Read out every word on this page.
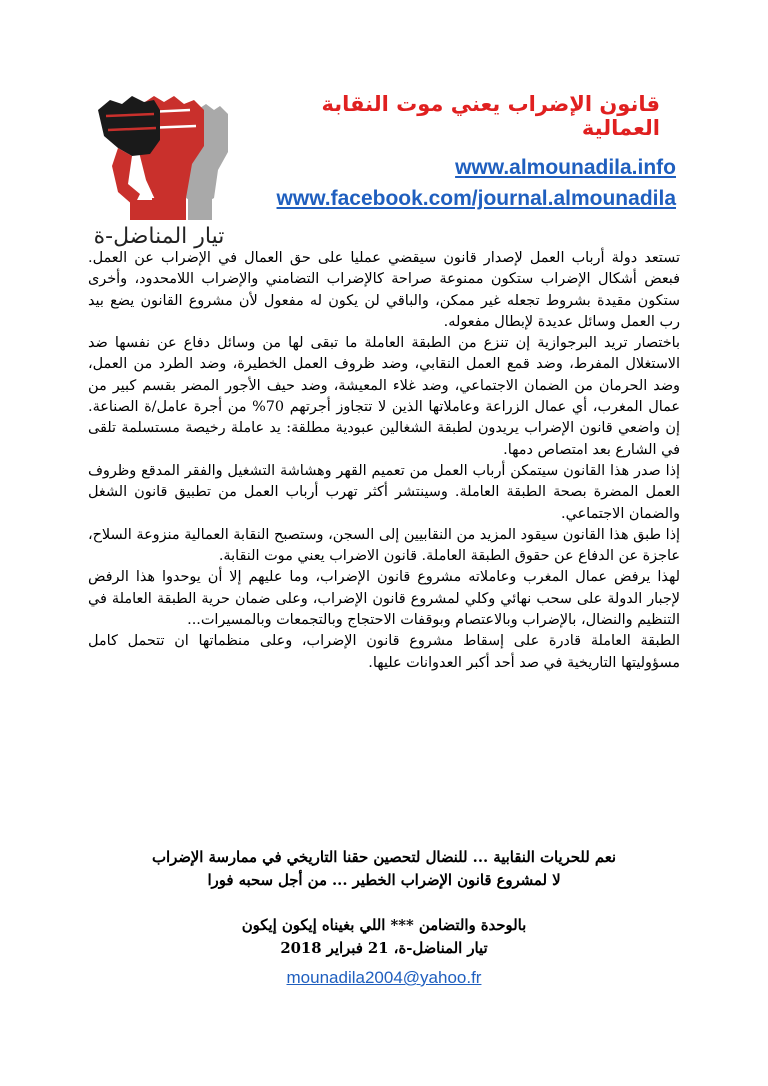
تيار المناضل-ة
قانون الإضراب يعني موت النقابة العمالية
www.almounadila.info
www.facebook.com/journal.almounadila

تستعد دولة أرباب العمل لإصدار قانون سيقضي عمليا على حق العمال في الإضراب عن العمل. فبعض أشكال الإضراب ستكون ممنوعة صراحة كالإضراب التضامني والإضراب اللامحدود، وأخرى ستكون مقيدة بشروط تجعله غير ممكن، والباقي لن يكون له مفعول لأن مشروع القانون يضع بيد رب العمل وسائل عديدة لإبطال مفعوله.

باختصار تريد البرجوازية إن تنزع من الطبقة العاملة ما تبقى لها من وسائل دفاع عن نفسها ضد الاستغلال المفرط، وضد قمع العمل النقابي، وضد ظروف العمل الخطيرة، وضد الطرد من العمل، وضد الحرمان من الضمان الاجتماعي، وضد غلاء المعيشة، وضد حيف الأجور المضر بقسم كبير من عمال المغرب، أي عمال الزراعة وعاملاتها الذين لا تتجاوز أجرتهم 70% من أجرة عامل/ة الصناعة. إن واضعي قانون الإضراب يريدون لطبقة الشغالين عبودية مطلقة: يد عاملة رخيصة مستسلمة تلقى في الشارع بعد امتصاص دمها.

إذا صدر هذا القانون سيتمكن أرباب العمل من تعميم القهر وهشاشة التشغيل والفقر المدقع وظروف العمل المضرة بصحة الطبقة العاملة. وسينتشر أكثر تهرب أرباب العمل من تطبيق قانون الشغل والضمان الاجتماعي.

إذا طبق هذا القانون سيقود المزيد من النقابيين إلى السجن، وستصبح النقابة العمالية منزوعة السلاح، عاجزة عن الدفاع عن حقوق الطبقة العاملة. قانون الاضراب يعني موت النقابة.

لهذا يرفض عمال المغرب وعاملاته مشروع قانون الإضراب، وما عليهم إلا أن يوحدوا هذا الرفض لإجبار الدولة على سحب نهائي وكلي لمشروع قانون الإضراب، وعلى ضمان حرية الطبقة العاملة في التنظيم والنضال، بالإضراب وبالاعتصام وبوقفات الاحتجاج وبالتجمعات وبالمسيرات...

الطبقة العاملة قادرة على إسقاط مشروع قانون الإضراب، وعلى منظماتها ان تتحمل كامل مسؤوليتها التاريخية في صد أحد أكبر العدوانات عليها.

نعم للحريات النقابية ... للنضال لتحصين حقنا التاريخي في ممارسة الإضراب

لا لمشروع قانون الإضراب الخطير ... من أجل سحبه فورا

بالوحدة والتضامن *** اللي بغيناه إيكون إيكون

تيار المناضل-ة، 21 فبراير 2018

mounadila2004@yahoo.fr
